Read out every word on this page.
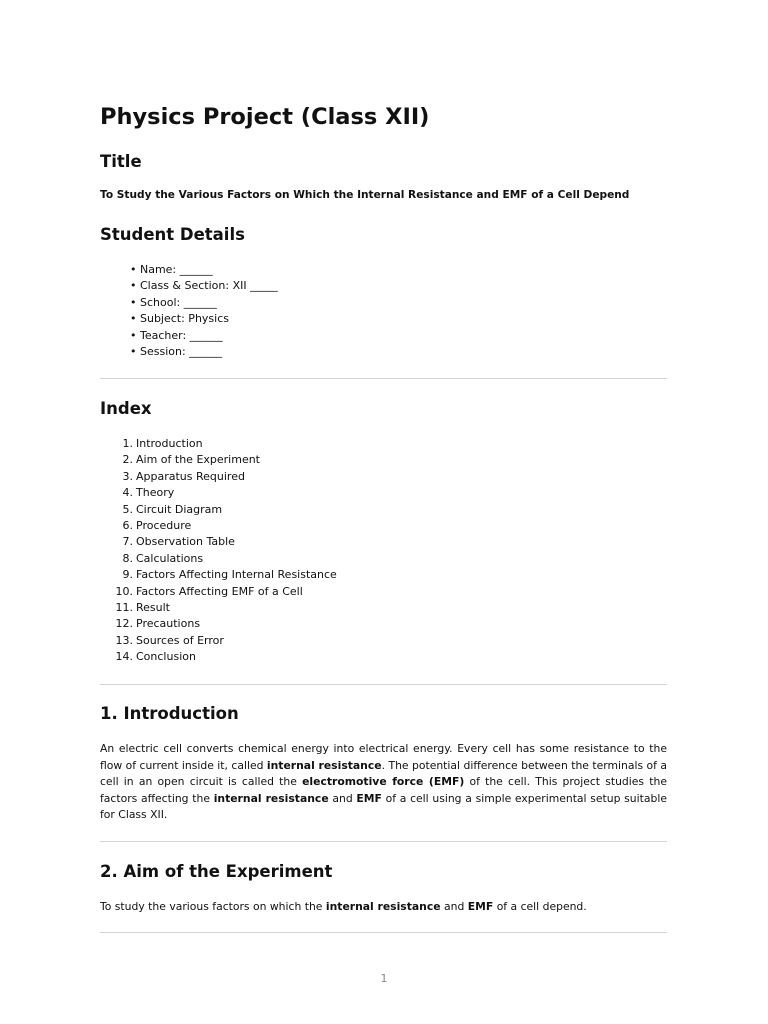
Physics Project (Class XII)
Title
To Study the Various Factors on Which the Internal Resistance and EMF of a Cell Depend
Student Details
• Name: ______
• Class & Section: XII _____
• School: ______
• Subject: Physics
• Teacher: ______
• Session: ______
Index
1. Introduction
2. Aim of the Experiment
3. Apparatus Required
4. Theory
5. Circuit Diagram
6. Procedure
7. Observation Table
8. Calculations
9. Factors Affecting Internal Resistance
10. Factors Affecting EMF of a Cell
11. Result
12. Precautions
13. Sources of Error
14. Conclusion
1. Introduction

An electric cell converts chemical energy into electrical energy. Every cell has some resistance to the flow of current inside it, called internal resistance. The potential difference between the terminals of a cell in an open circuit is called the electromotive force (EMF) of the cell. This project studies the factors affecting the internal resistance and EMF of a cell using a simple experimental setup suitable for Class XII.

2. Aim of the Experiment

To study the various factors on which the internal resistance and EMF of a cell depend.

1
